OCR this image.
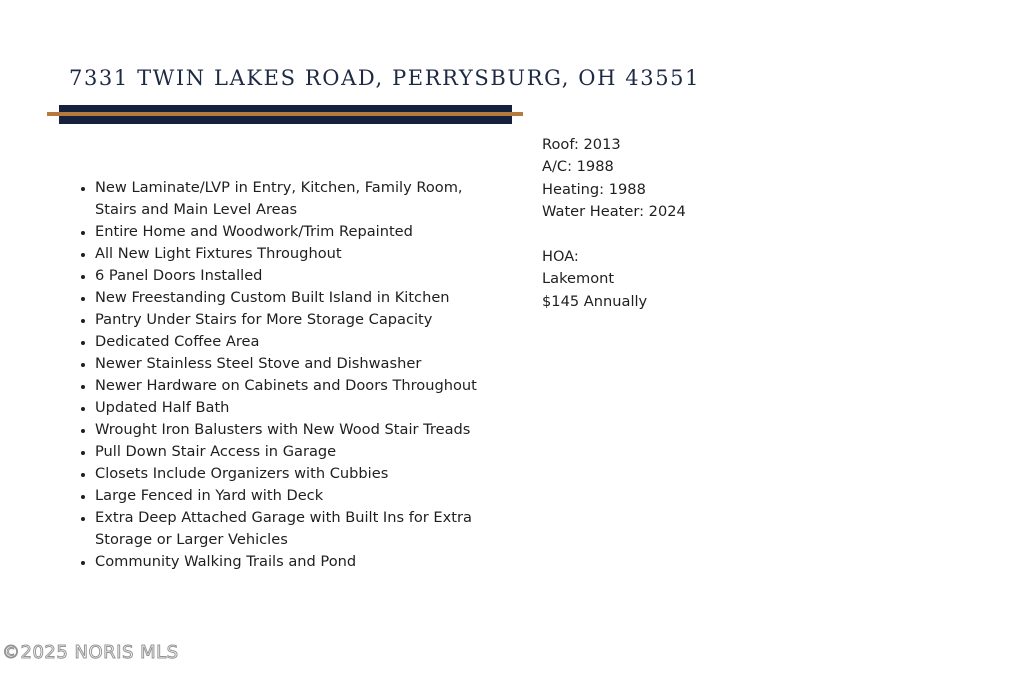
7331 TWIN LAKES ROAD, PERRYSBURG, OH 43551
• New Laminate/LVP in Entry, Kitchen, Family Room, Stairs and Main Level Areas
• Entire Home and Woodwork/Trim Repainted
• All New Light Fixtures Throughout
• 6 Panel Doors Installed
• New Freestanding Custom Built Island in Kitchen
• Pantry Under Stairs for More Storage Capacity
• Dedicated Coffee Area
• Newer Stainless Steel Stove and Dishwasher
• Newer Hardware on Cabinets and Doors Throughout
• Updated Half Bath
• Wrought Iron Balusters with New Wood Stair Treads
• Pull Down Stair Access in Garage
• Closets Include Organizers with Cubbies
• Large Fenced in Yard with Deck
• Extra Deep Attached Garage with Built Ins for Extra Storage or Larger Vehicles
• Community Walking Trails and Pond
Roof: 2013
A/C: 1988
Heating: 1988
Water Heater: 2024
HOA:
Lakemont
$145 Annually
©2025 NORIS MLS
